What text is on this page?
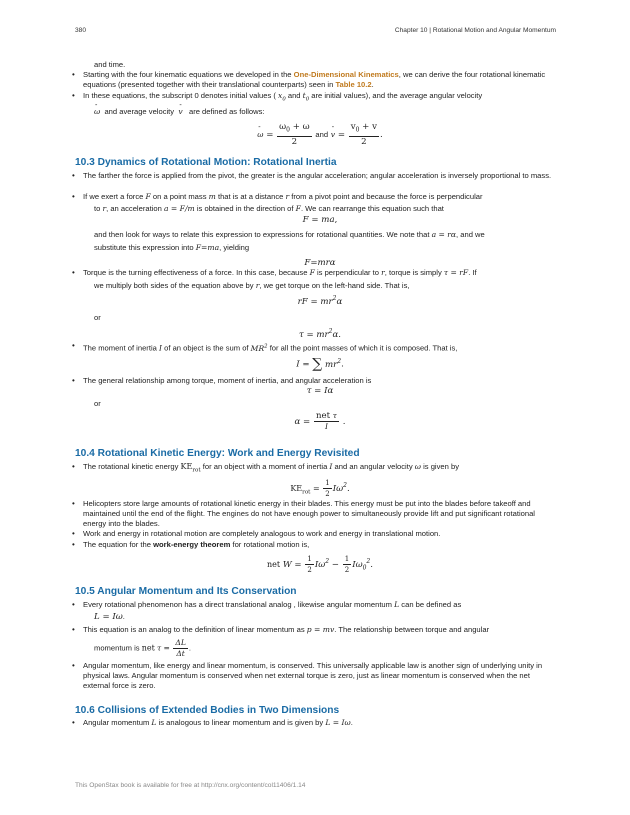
380	Chapter 10 | Rotational Motion and Angular Momentum
and time.
• Starting with the four kinematic equations we developed in the One-Dimensional Kinematics, we can derive the four rotational kinematic equations (presented together with their translational counterparts) seen in Table 10.2.
• In these equations, the subscript 0 denotes initial values ( $x_0$ and $t_0$ are initial values), and the average angular velocity
- ω and average velocity - v are defined as follows:
- $\omega = \frac{\omega_0 + \omega}{2}$ and - $v = \frac{v_0 + v}{2}$ .
10.3 Dynamics of Rotational Motion: Rotational Inertia
• The farther the force is applied from the pivot, the greater is the angular acceleration; angular acceleration is inversely proportional to mass.
• If we exert a force F on a point mass m that is at a distance r from a pivot point and because the force is perpendicular
to r, an acceleration a = F/m is obtained in the direction of F. We can rearrange this equation such that
F = ma,
and then look for ways to relate this expression to expressions for rotational quantities. We note that a = rα, and we
substitute this expression into F=ma, yielding
F=mrα
• Torque is the turning effectiveness of a force. In this case, because F is perpendicular to r, torque is simply τ = rF. If
we multiply both sides of the equation above by r, we get torque on the left-hand side. That is,
rF = $mr^2\alpha$
or
$\tau = mr^2\alpha$.
• The moment of inertia I of an object is the sum of $MR^2$ for all the point masses of which it is composed. That is,
I = ∑ $mr^2$.
• The general relationship among torque, moment of inertia, and angular acceleration is
τ = Iα
or
$\alpha = \frac{\text{net τ}}{I}$ .
10.4 Rotational Kinetic Energy: Work and Energy Revisited
• The rotational kinetic energy $KE_{rot}$ for an object with a moment of inertia I and an angular velocity ω is given by
$KE_{rot} = \frac{1}{2} I\omega^2$.
• Helicopters store large amounts of rotational kinetic energy in their blades. This energy must be put into the blades before takeoff and maintained until the end of the flight. The engines do not have enough power to simultaneously provide lift and put significant rotational energy into the blades.
• Work and energy in rotational motion are completely analogous to work and energy in translational motion.
• The equation for the work-energy theorem for rotational motion is,
net $W = \frac{1}{2} I\omega^2 - \frac{1}{2} I\omega_0^2$.
10.5 Angular Momentum and Its Conservation
• Every rotational phenomenon has a direct translational analog , likewise angular momentum L can be defined as
L = Iω.
• This equation is an analog to the definition of linear momentum as p = mv. The relationship between torque and angular
momentum is net $\tau = \frac{\Delta L}{\Delta t}$ .
• Angular momentum, like energy and linear momentum, is conserved. This universally applicable law is another sign of underlying unity in physical laws. Angular momentum is conserved when net external torque is zero, just as linear momentum is conserved when the net external force is zero.
10.6 Collisions of Extended Bodies in Two Dimensions
• Angular momentum L is analogous to linear momentum and is given by L = Iω.
This OpenStax book is available for free at http://cnx.org/content/col11406/1.14
